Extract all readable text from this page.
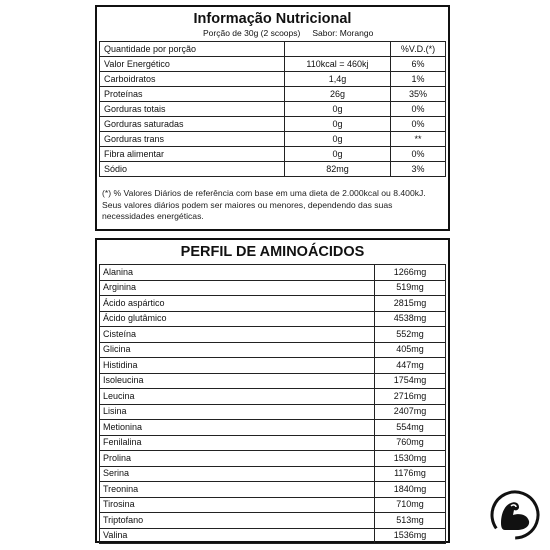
Informação Nutricional
Porção de 30g (2 scoops) Sabor: Morango
Quantidade por porção		%V.D.(*)
Valor Energético	110kcal = 460kj	6%
Carboidratos	1,4g	1%
Proteínas	26g	35%
Gorduras totais	0g	0%
Gorduras saturadas	0g	0%
Gorduras trans	0g	**
Fibra alimentar	0g	0%
Sódio	82mg	3%
(*) % Valores Diários de referência com base em uma dieta de 2.000kcal ou 8.400kJ. Seus valores diários podem ser maiores ou menores, dependendo das suas necessidades energéticas.
PERFIL DE AMINOÁCIDOS
Alanina	1266mg
Arginina	519mg
Ácido aspártico	2815mg
Ácido glutâmico	4538mg
Cisteína	552mg
Glicina	405mg
Histidina	447mg
Isoleucina	1754mg
Leucina	2716mg
Lisina	2407mg
Metionina	554mg
Fenilalina	760mg
Prolina	1530mg
Serina	1176mg
Treonina	1840mg
Tirosina	710mg
Triptofano	513mg
Valina	1536mg
